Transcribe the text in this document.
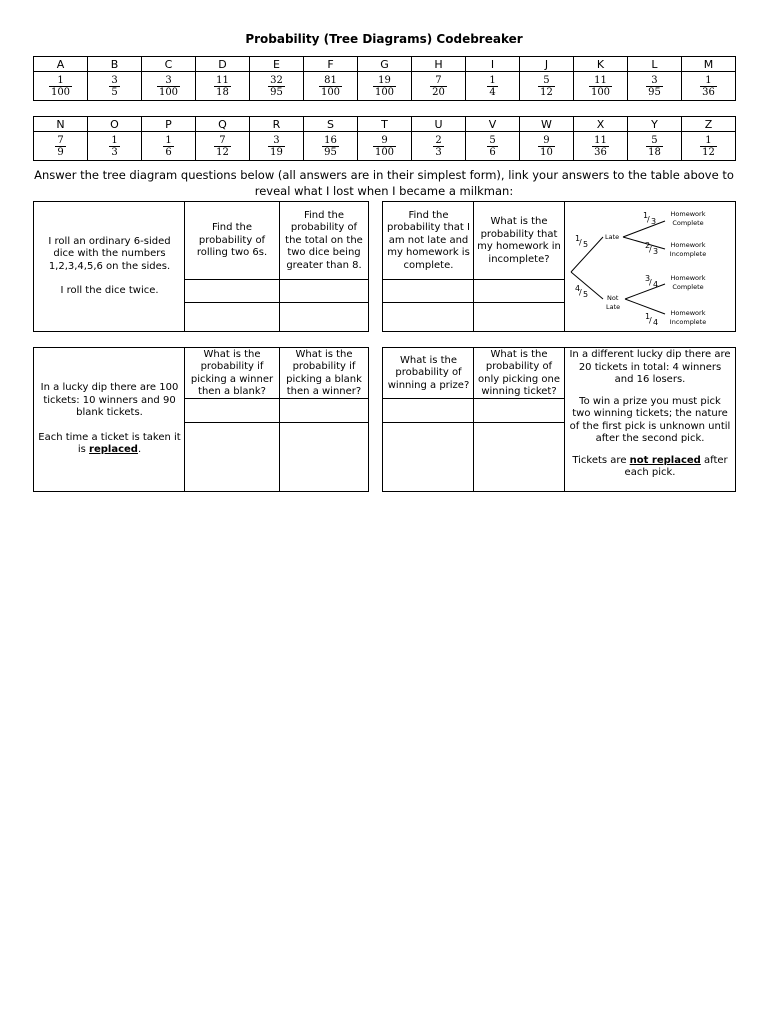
Probability (Tree Diagrams) Codebreaker
A	B	C	D	E	F	G	H	I	J	K	L	M

$\frac{1}{100}$	$\frac{3}{5}$	$\frac{3}{100}$	$\frac{11}{18}$	$\frac{32}{95}$	$\frac{81}{100}$	$\frac{19}{100}$	$\frac{7}{20}$	$\frac{1}{4}$	$\frac{5}{12}$	$\frac{11}{100}$	$\frac{3}{95}$	$\frac{1}{36}$
N	O	P	Q	R	S	T	U	V	W	X	Y	Z

$\frac{7}{9}$	$\frac{1}{3}$	$\frac{1}{6}$	$\frac{7}{12}$	$\frac{3}{19}$	$\frac{16}{95}$	$\frac{9}{100}$	$\frac{2}{3}$	$\frac{5}{6}$	$\frac{9}{10}$	$\frac{11}{36}$	$\frac{5}{18}$	$\frac{1}{12}$
Answer the tree diagram questions below (all answers are in their simplest form), link your answers to the table above to reveal what I lost when I became a milkman:

I roll an ordinary 6-sided dice with the numbers 1,2,3,4,5,6 on the sides.

I roll the dice twice.

Find the probability of rolling two 6s.
Find the probability of the total on the two dice being greater than 8.
Find the probability that I am not late and my homework is complete.
What is the probability that my homework in incomplete?
1
/ 5
4
/ 5
1
/ 3
2
/ 3
3
/ 4
1
/ 4
Late
Not
Late
Homework
Complete
Homework
Incomplete
Homework
Complete
Homework
Incomplete

In a lucky dip there are 100 tickets: 10 winners and 90 blank tickets.

Each time a ticket is taken it is replaced.

What is the probability if picking a winner then a blank?
What is the probability if picking a blank then a winner?
What is the probability of winning a prize?
What is the probability of only picking one winning ticket?

In a different lucky dip there are 20 tickets in total: 4 winners and 16 losers.

To win a prize you must pick two winning tickets; the nature of the first pick is unknown until after the second pick.

Tickets are not replaced after each pick.
